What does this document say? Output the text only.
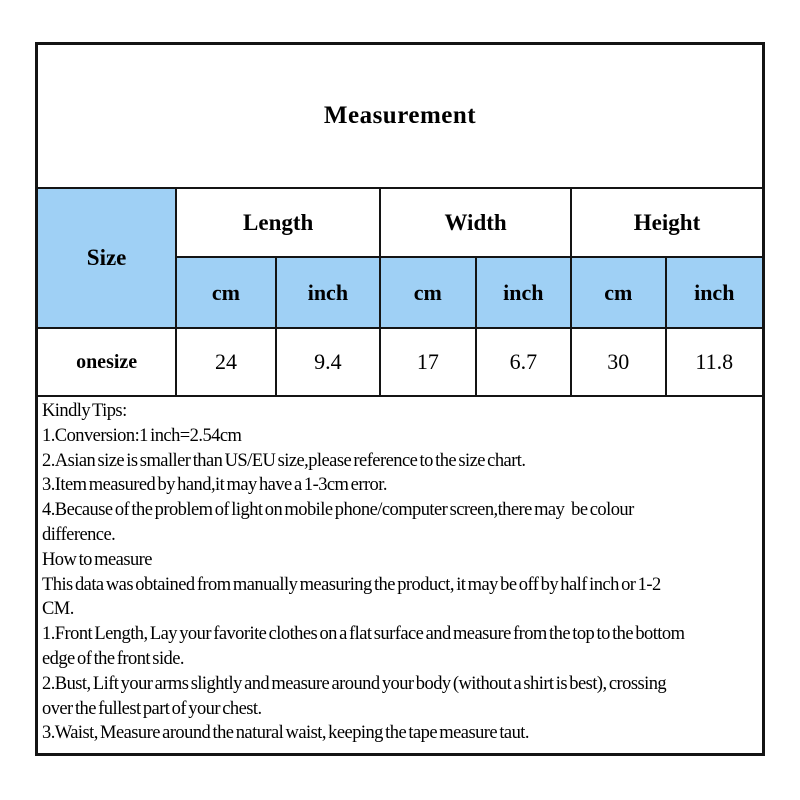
Measurement
Size
Length	Width	Height
cm	inch	cm	inch	cm	inch
onesize	24	9.4	17	6.7	30	11.8
Kindly Tips:
1.Conversion:1 inch=2.54cm
2.Asian size is smaller than US/EU size,please reference to the size chart.
3.Item measured by hand,it may have a 1-3cm error.
4.Because of the problem of light on mobile phone/computer screen,there may   be colour
difference.
How to measure
This data was obtained from manually measuring the product, it may be off by half inch or 1-2
CM.
1.Front Length, Lay your favorite clothes on a flat surface and measure from the top to the bottom
edge of the front side.
2.Bust, Lift your arms slightly and measure around your body (without a shirt is best), crossing
over the fullest part of your chest.
3.Waist, Measure around the natural waist, keeping the tape measure taut.
